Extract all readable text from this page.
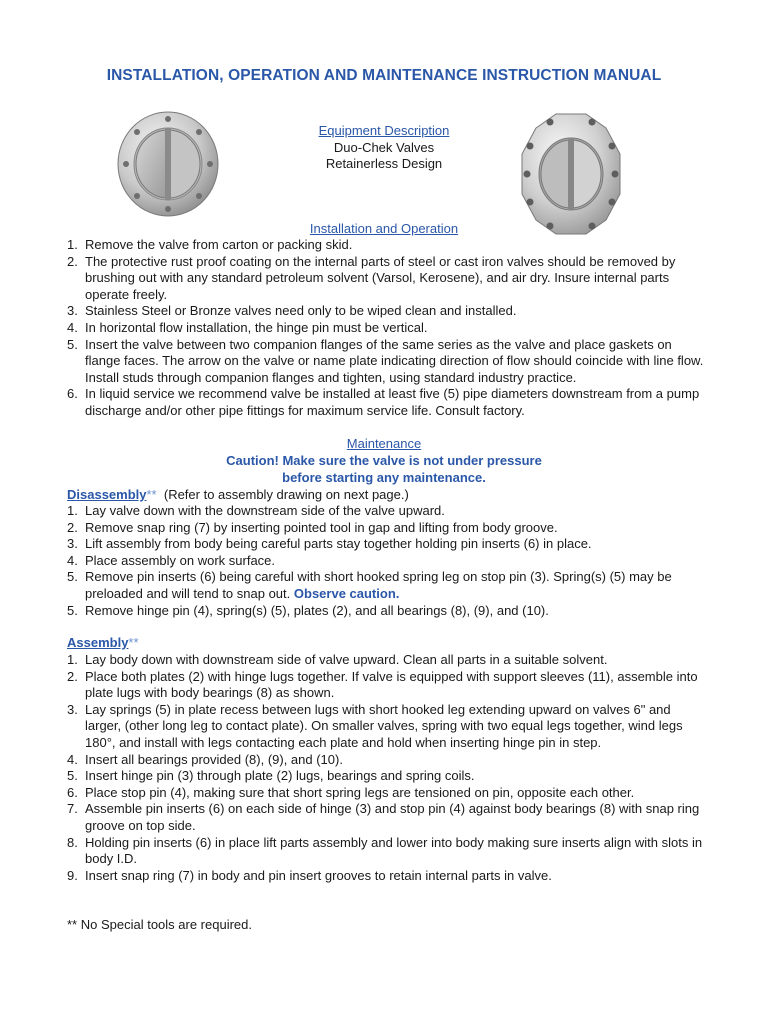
INSTALLATION, OPERATION AND MAINTENANCE INSTRUCTION MANUAL
Equipment Description
Duo-Chek Valves
Retainerless Design
Installation and Operation
1. Remove the valve from carton or packing skid.
2. The protective rust proof coating on the internal parts of steel or cast iron valves should be removed by brushing out with any standard petroleum solvent (Varsol, Kerosene), and air dry. Insure internal parts operate freely.
3. Stainless Steel or Bronze valves need only to be wiped clean and installed.
4. In horizontal flow installation, the hinge pin must be vertical.
5. Insert the valve between two companion flanges of the same series as the valve and place gaskets on flange faces. The arrow on the valve or name plate indicating direction of flow should coincide with line flow. Install studs through companion flanges and tighten, using standard industry practice.
6. In liquid service we recommend valve be installed at least five (5) pipe diameters downstream from a pump discharge and/or other pipe fittings for maximum service life. Consult factory.
Maintenance
Caution! Make sure the valve is not under pressure
before starting any maintenance.
Disassembly** (Refer to assembly drawing on next page.)
1. Lay valve down with the downstream side of the valve upward.
2. Remove snap ring (7) by inserting pointed tool in gap and lifting from body groove.
3. Lift assembly from body being careful parts stay together holding pin inserts (6) in place.
4. Place assembly on work surface.
5. Remove pin inserts (6) being careful with short hooked spring leg on stop pin (3). Spring(s) (5) may be preloaded and will tend to snap out. Observe caution.
5. Remove hinge pin (4), spring(s) (5), plates (2), and all bearings (8), (9), and (10).
Assembly**
1. Lay body down with downstream side of valve upward. Clean all parts in a suitable solvent.
2. Place both plates (2) with hinge lugs together. If valve is equipped with support sleeves (11), assemble into plate lugs with body bearings (8) as shown.
3. Lay springs (5) in plate recess between lugs with short hooked leg extending upward on valves 6" and larger, (other long leg to contact plate). On smaller valves, spring with two equal legs together, wind legs 180°, and install with legs contacting each plate and hold when inserting hinge pin in step.
4. Insert all bearings provided (8), (9), and (10).
5. Insert hinge pin (3) through plate (2) lugs, bearings and spring coils.
6. Place stop pin (4), making sure that short spring legs are tensioned on pin, opposite each other.
7. Assemble pin inserts (6) on each side of hinge (3) and stop pin (4) against body bearings (8) with snap ring groove on top side.
8. Holding pin inserts (6) in place lift parts assembly and lower into body making sure inserts align with slots in body I.D.
9. Insert snap ring (7) in body and pin insert grooves to retain internal parts in valve.
** No Special tools are required.
